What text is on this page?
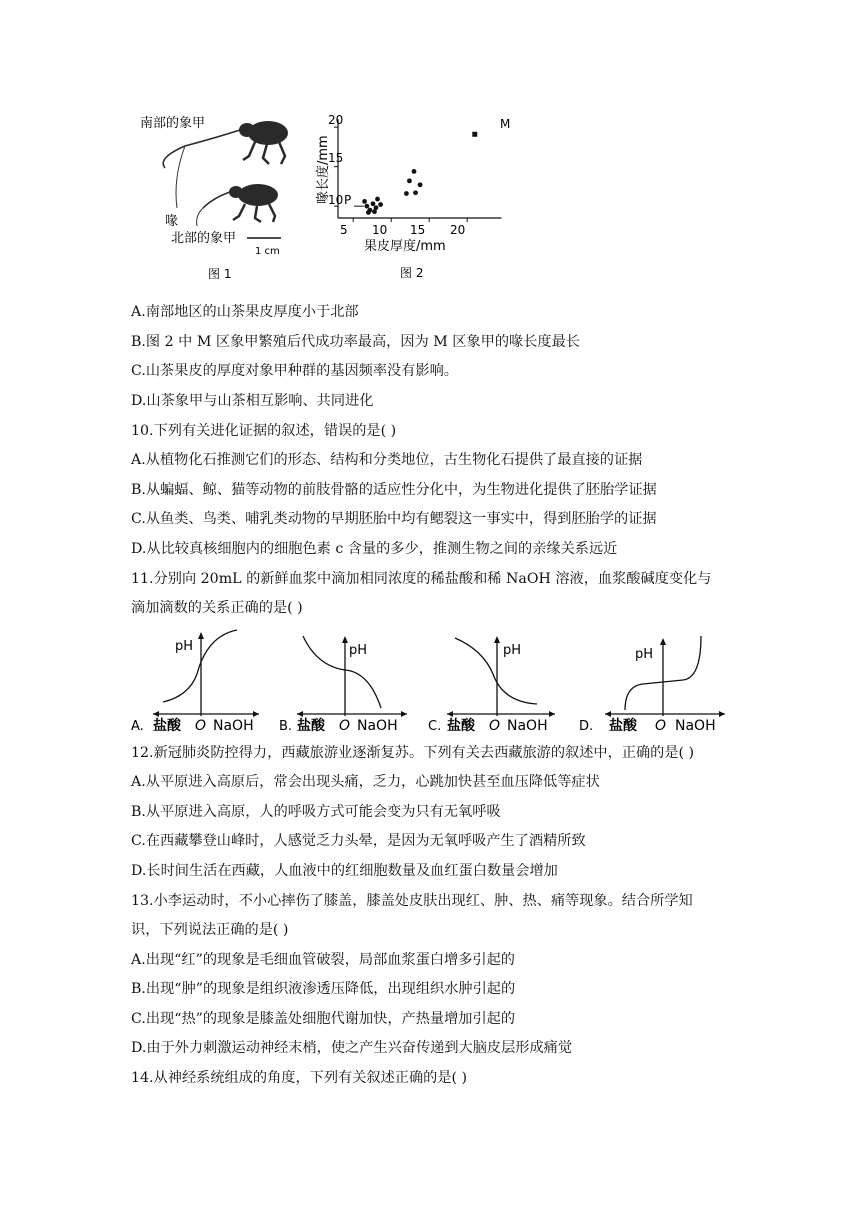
南部的象甲
喙
北部的象甲
1 cm
图 1
20
15
10
5 10 15 20
果皮厚度/mm
喙长度/mm P
M
图 2
A.南部地区的山茶果皮厚度小于北部
B.图 2 中 M 区象甲繁殖后代成功率最高，因为 M 区象甲的喙长度最长
C.山茶果皮的厚度对象甲种群的基因频率没有影响。
D.山茶象甲与山茶相互影响、共同进化
10.下列有关进化证据的叙述，错误的是( )
A.从植物化石推测它们的形态、结构和分类地位，古生物化石提供了最直接的证据
B.从蝙蝠、鲸、猫等动物的前肢骨骼的适应性分化中，为生物进化提供了胚胎学证据
C.从鱼类、鸟类、哺乳类动物的早期胚胎中均有鳃裂这一事实中，得到胚胎学的证据
D.从比较真核细胞内的细胞色素 c 含量的多少，推测生物之间的亲缘关系远近
11.分别向 20mL 的新鲜血浆中滴加相同浓度的稀盐酸和稀 NaOH 溶液，血浆酸碱度变化与
滴加滴数的关系正确的是( )
A.
pH
盐酸 O NaOH B.
pH
盐酸 O NaOH C.
pH
盐酸 O NaOH D.
pH
盐酸 O NaOH
12.新冠肺炎防控得力，西藏旅游业逐渐复苏。下列有关去西藏旅游的叙述中，正确的是( )
A.从平原进入高原后，常会出现头痛，乏力，心跳加快甚至血压降低等症状
B.从平原进入高原，人的呼吸方式可能会变为只有无氧呼吸
C.在西藏攀登山峰时，人感觉乏力头晕，是因为无氧呼吸产生了酒精所致
D.长时间生活在西藏，人血液中的红细胞数量及血红蛋白数量会增加
13.小李运动时，不小心摔伤了膝盖，膝盖处皮肤出现红、肿、热、痛等现象。结合所学知
识，下列说法正确的是( )
A.出现“红”的现象是毛细血管破裂，局部血浆蛋白增多引起的
B.出现“肿”的现象是组织液渗透压降低，出现组织水肿引起的
C.出现“热”的现象是膝盖处细胞代谢加快，产热量增加引起的
D.由于外力刺激运动神经末梢，使之产生兴奋传递到大脑皮层形成痛觉
14.从神经系统组成的角度，下列有关叙述正确的是( )
